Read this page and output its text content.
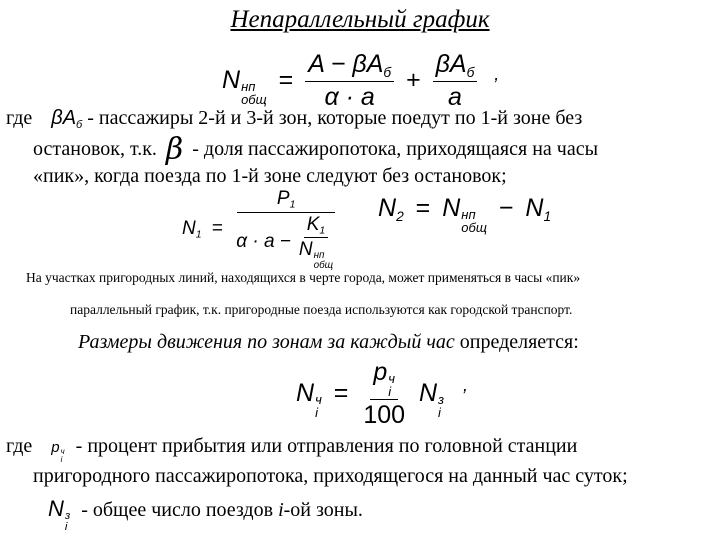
Непараллельный график
N нп
общ
= $\frac{A - \beta A_б}{\alpha \cdot a} + \frac{\beta A_б}{a} ^,$
где $\beta A_б$ - пассажиры 2-й и 3-й зон, которые поедут по 1-й зоне без
остановок, т.к. β - доля пассажиропотока, приходящаяся на часы
«пик», когда поезда по 1-й зоне следуют без остановок;
$N_1 = P_1$
$\alpha \cdot a - K_1$
N нп
общ $N_2 = N$ нп
общ
− $N_1$
На участках пригородных линий, находящихся в черте города, может применяться в часы «пик»
параллельный график, т.к. пригородные поезда используются как городской транспорт.
Размеры движения по зонам за каждый час определяется:
N ч
i
= p ч
i
100 N з
i
,
где p ч
i
- процент прибытия или отправления по головной станции
пригородного пассажиропотока, приходящегося на данный час суток;
N з
i
- общее число поездов i-ой зоны.
